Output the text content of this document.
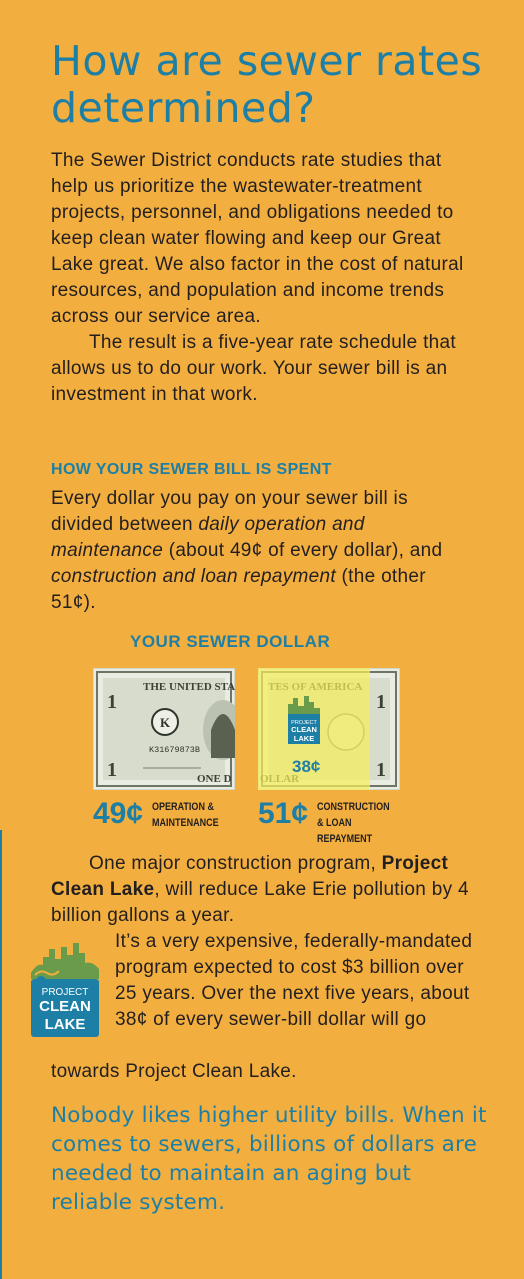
How are sewer rates determined?

The Sewer District conducts rate studies that help us prioritize the wastewater-treatment projects, personnel, and obligations needed to keep clean water flowing and keep our Great Lake great. We also factor in the cost of natural resources, and population and income trends across our service area.

The result is a five-year rate schedule that allows us to do our work. Your sewer bill is an investment in that work.

HOW YOUR SEWER BILL IS SPENT

Every dollar you pay on your sewer bill is divided between daily operation and maintenance (about 49¢ of every dollar), and construction and loan repayment (the other 51¢).

YOUR SEWER DOLLAR
THE UNITED STA
1
1
K
K31679873B
ONE D
1
1
PROJECT
CLEAN
LAKE
38¢
49¢ OPERATION & MAINTENANCE 51¢ CONSTRUCTION & LOAN REPAYMENT

One major construction program, Project Clean Lake, will reduce Lake Erie pollution by 4 billion gallons a year.

PROJECT
CLEAN
LAKE
It’s a very expensive, federally-mandated program expected to cost $3 billion over 25 years. Over the next five years, about 38¢ of every sewer-bill dollar will go

towards Project Clean Lake.

Nobody likes higher utility bills. When it comes to sewers, billions of dollars are needed to maintain an aging but reliable system.
